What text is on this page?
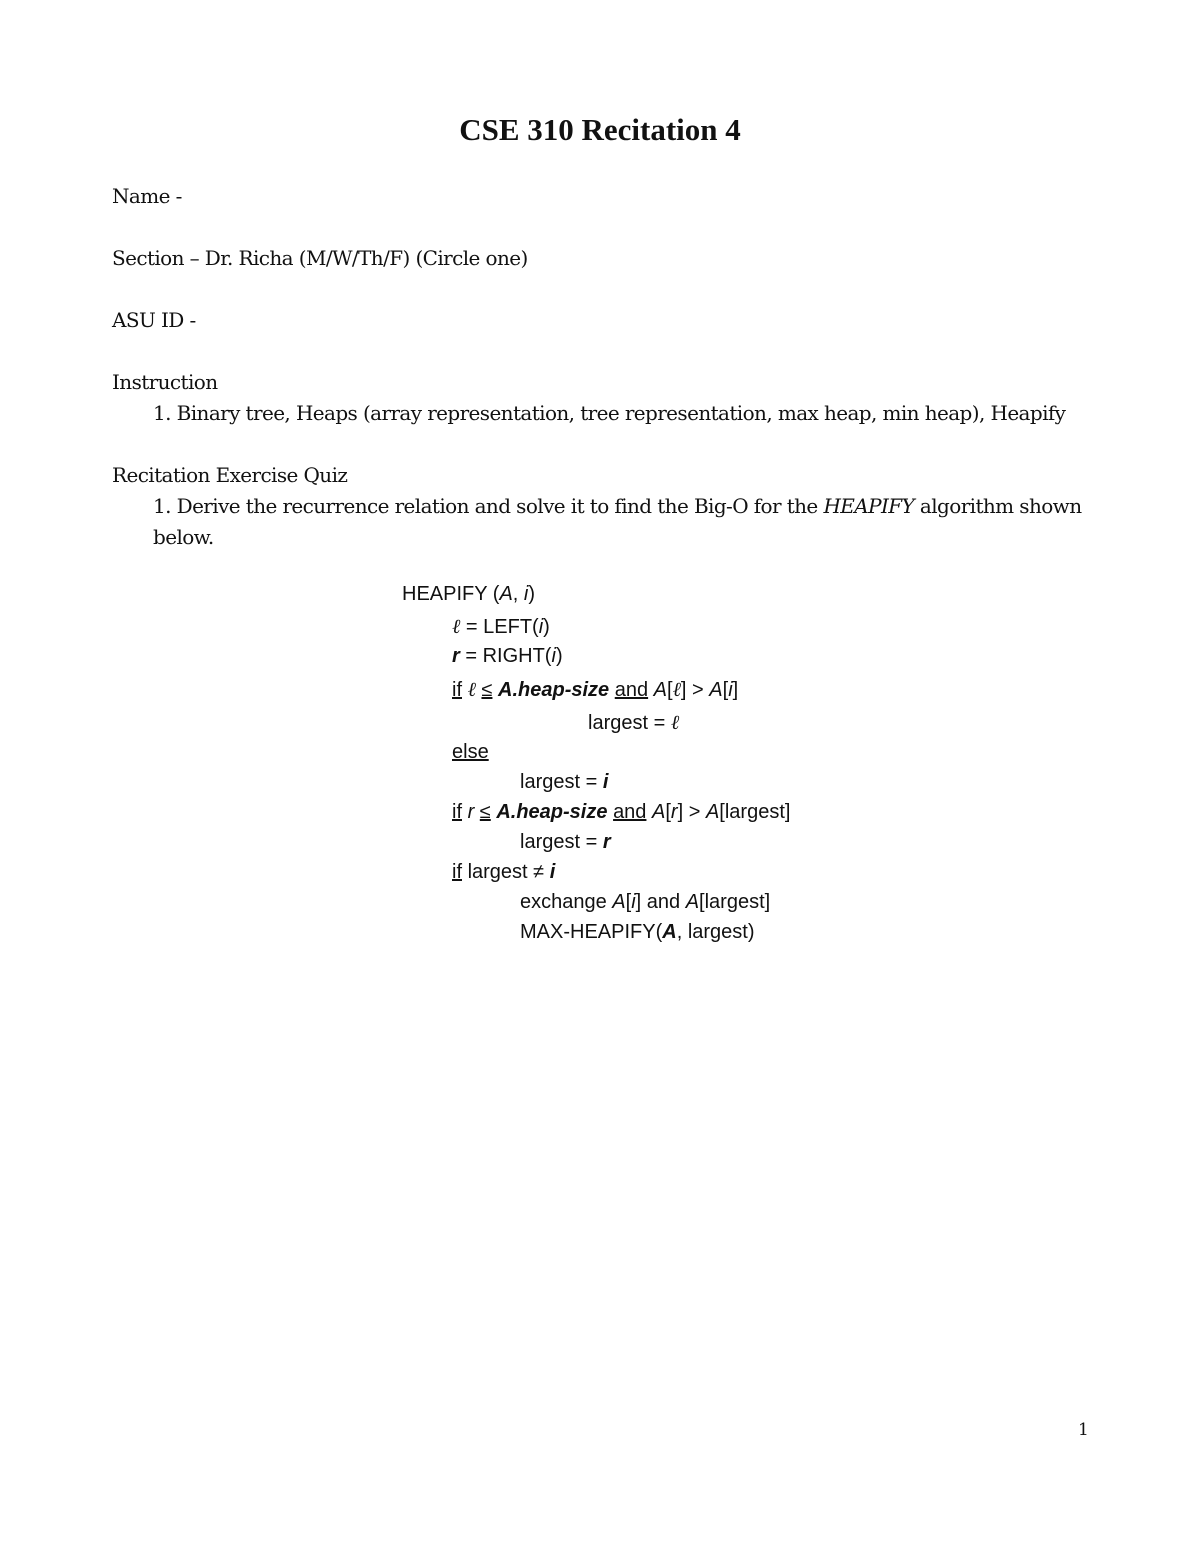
CSE 310 Recitation 4
Name -
Section – Dr. Richa (M/W/Th/F) (Circle one)
ASU ID -
Instruction
1. Binary tree, Heaps (array representation, tree representation, max heap, min heap), Heapify
Recitation Exercise Quiz
1. Derive the recurrence relation and solve it to find the Big-O for the HEAPIFY algorithm shown below.
HEAPIFY (A, i)
ℓ = LEFT(i)
r = RIGHT(i)
if ℓ ≤ A.heap-size and A[ℓ] > A[i]
largest = ℓ
else
largest = i
if r ≤ A.heap-size and A[r] > A[largest]
largest = r
if largest ≠ i
exchange A[i] and A[largest]
MAX-HEAPIFY(A, largest)
1
